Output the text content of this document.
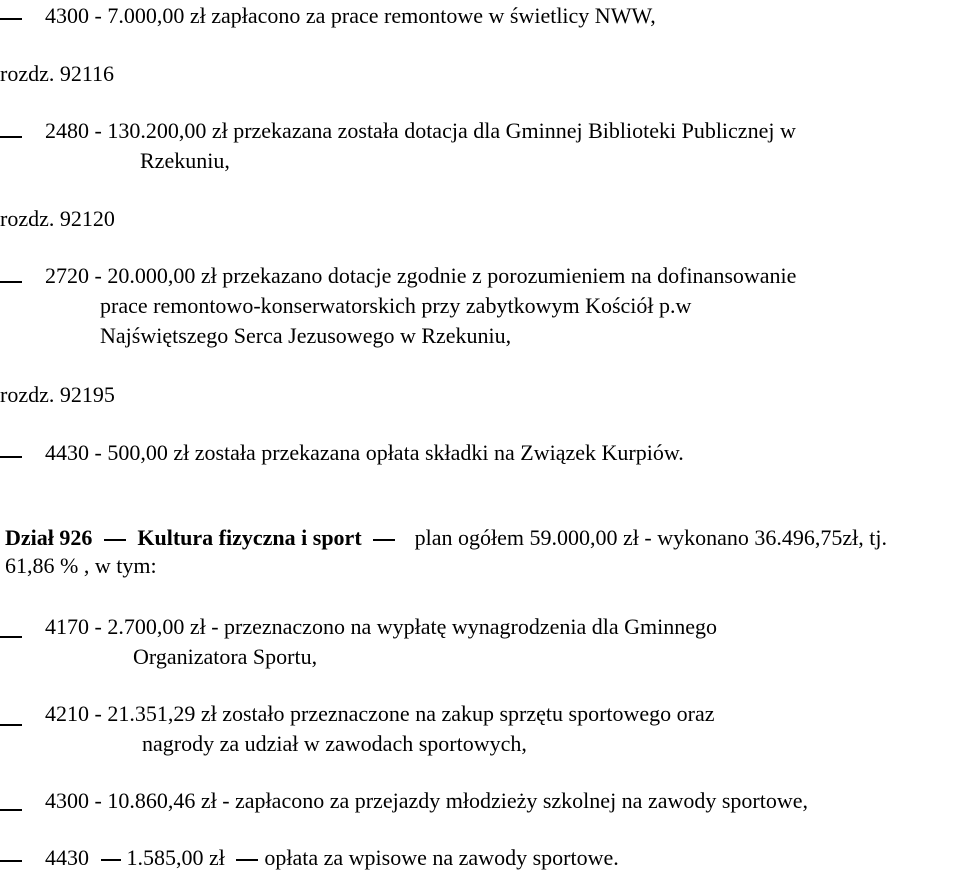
4300 - 7.000,00 zł zapłacono za prace remontowe w świetlicy NWW,
rozdz. 92116
2480 - 130.200,00 zł przekazana została dotacja dla Gminnej Biblioteki Publicznej w
Rzekuniu,
rozdz. 92120
2720 - 20.000,00 zł przekazano dotacje zgodnie z porozumieniem na dofinansowanie
prace remontowo-konserwatorskich przy zabytkowym Kościół p.w
Najświętszego Serca Jezusowego w Rzekuniu,
rozdz. 92195
4430 - 500,00 zł została przekazana opłata składki na Związek Kurpiów.
Dział 926 Kultura fizyczna i sport plan ogółem 59.000,00 zł - wykonano 36.496,75zł, tj.
61,86 % , w tym:
4170 - 2.700,00 zł - przeznaczono na wypłatę wynagrodzenia dla Gminnego
Organizatora Sportu,
4210 - 21.351,29 zł zostało przeznaczone na zakup sprzętu sportowego oraz
nagrody za udział w zawodach sportowych,
4300 - 10.860,46 zł - zapłacono za przejazdy młodzieży szkolnej na zawody sportowe,
4430 1.585,00 zł opłata za wpisowe na zawody sportowe.
